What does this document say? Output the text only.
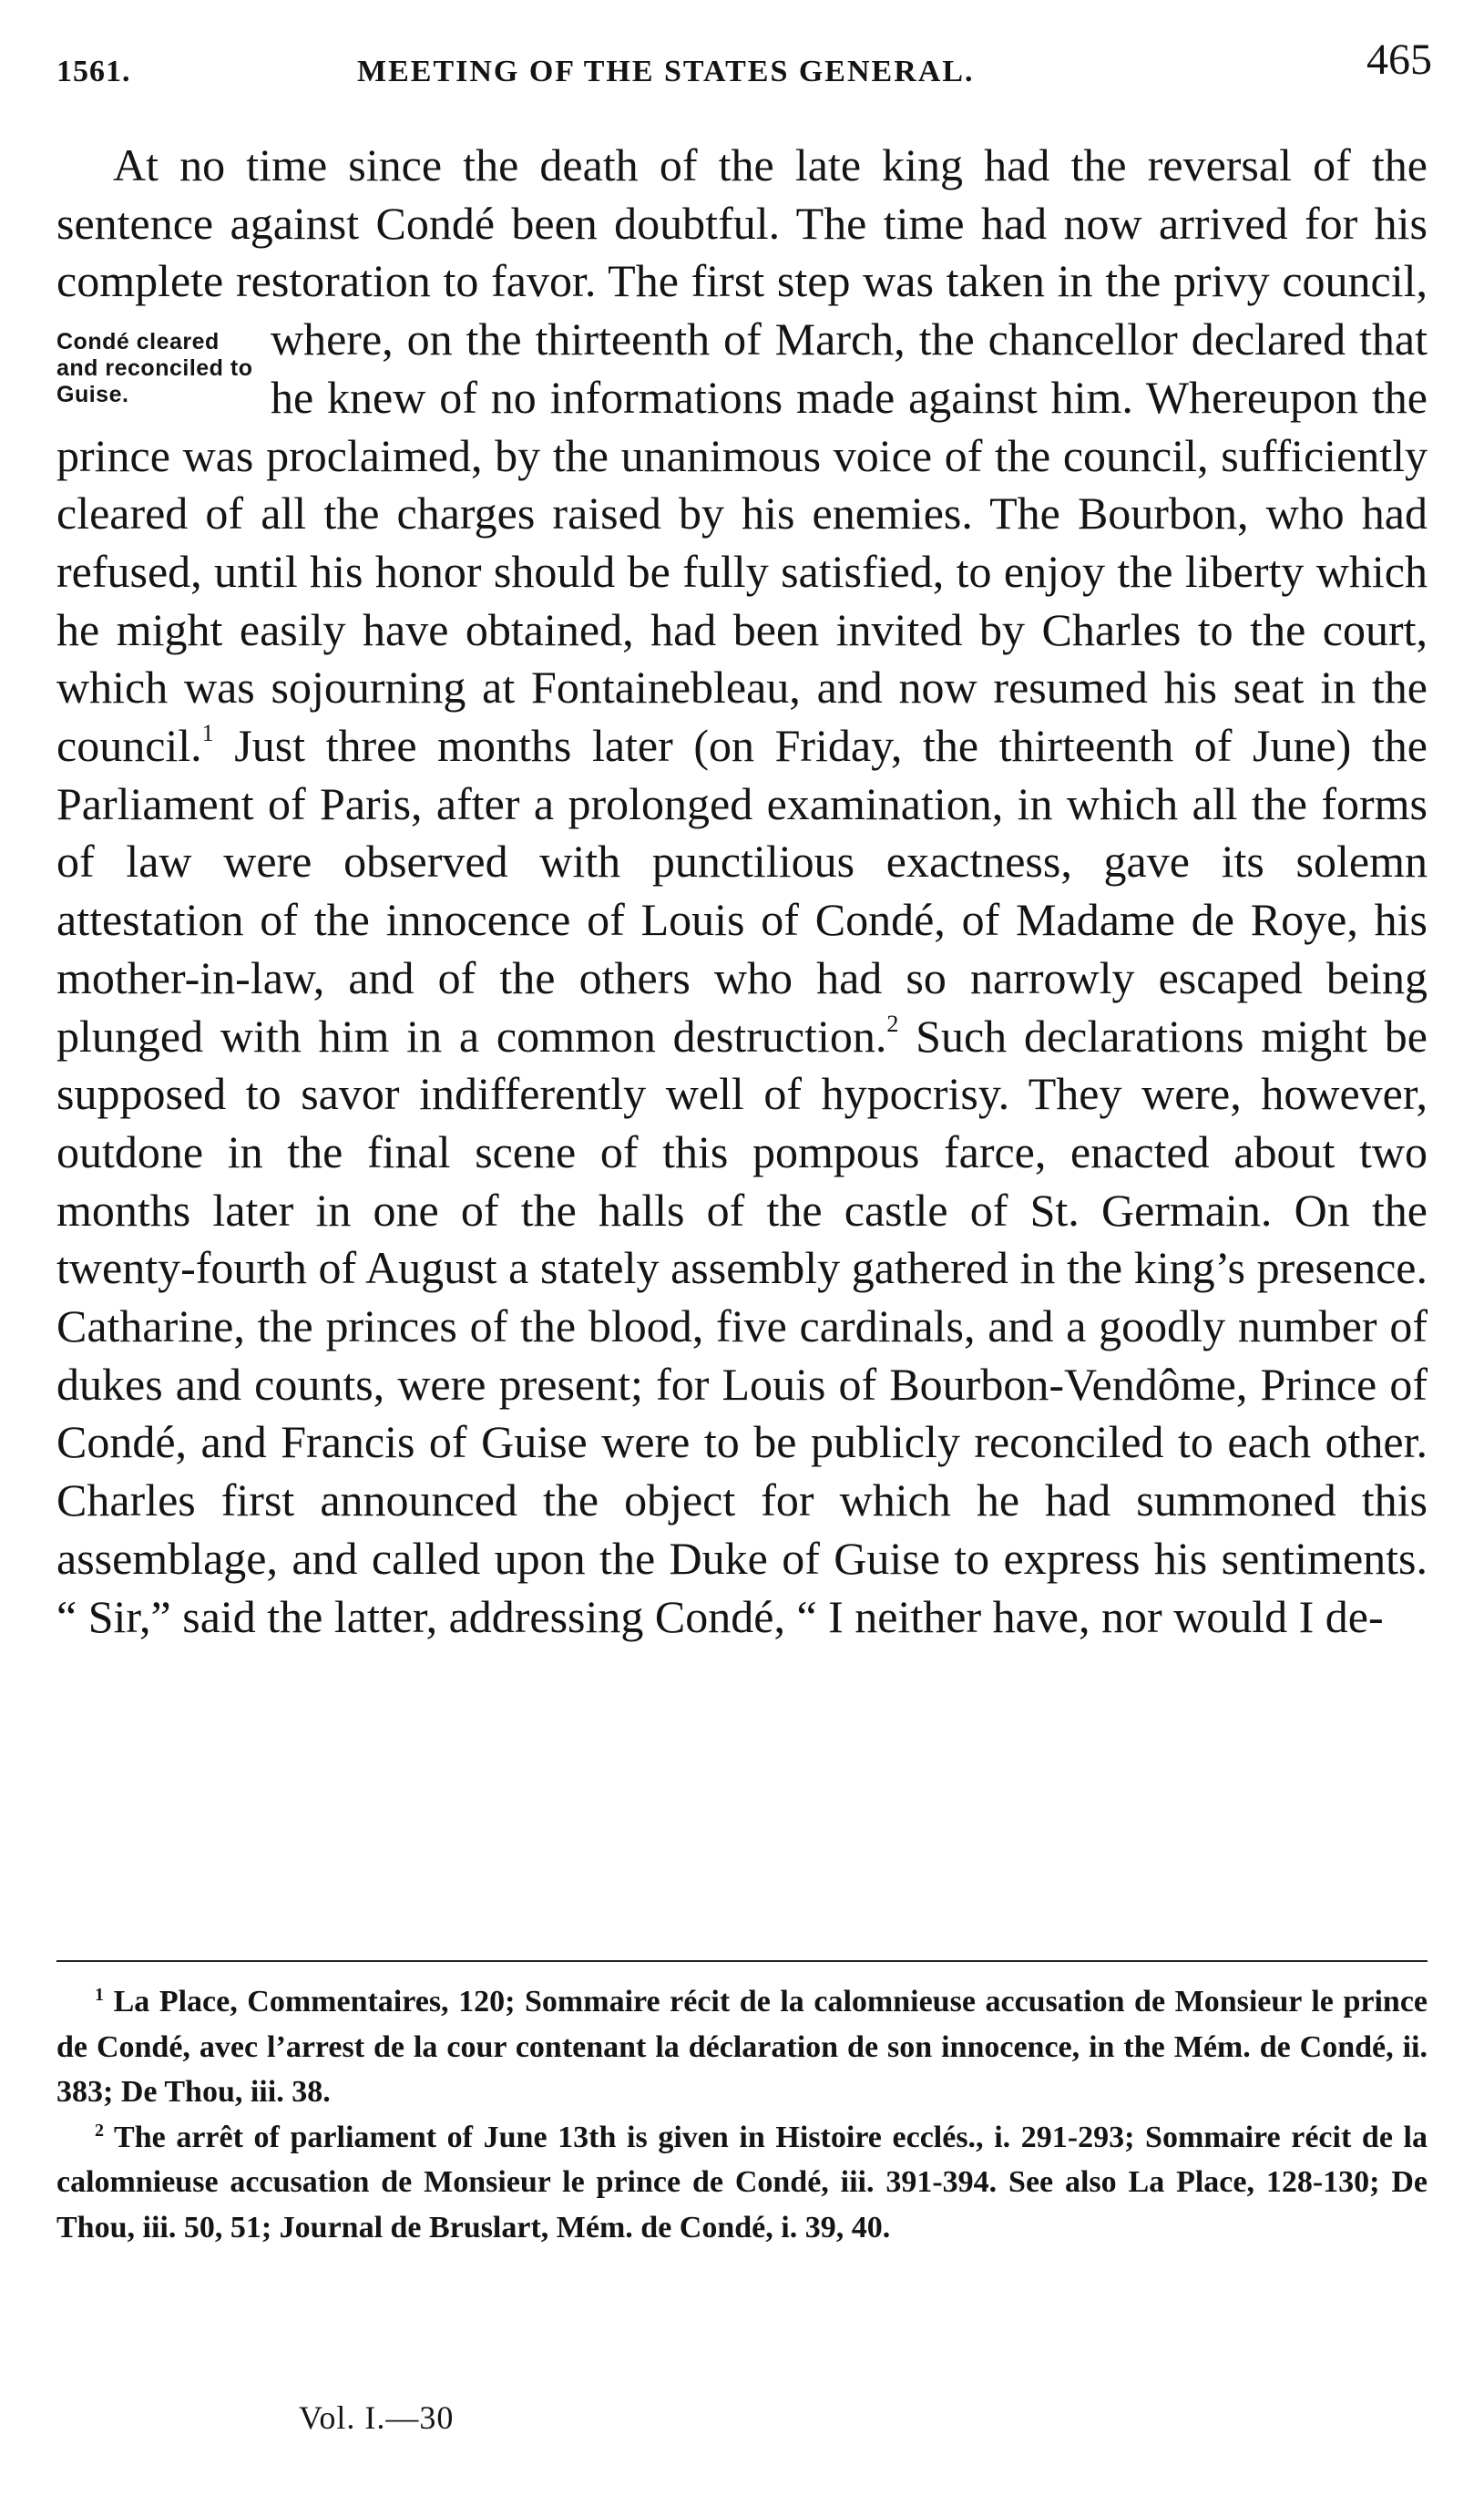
1561.	MEETING OF THE STATES GENERAL.	465

At no time since the death of the late king had the reversal of the sentence against Condé been doubtful. The time had now arrived for his complete restoration to favor. The first step was taken in the privy council, where, on the thirteenth of
Condé cleared and reconciled to Guise.
March, the chancellor declared that he knew of no informations made against him. Whereupon the prince was proclaimed, by the unanimous voice of the council, sufficiently cleared of all the charges raised by his enemies. The Bourbon, who had refused, until his honor should be fully satisfied, to enjoy the liberty which he might easily have obtained, had been invited by Charles to the court, which was sojourning at Fontainebleau, and now resumed his seat in the council.$^1$ Just three months later (on Friday, the thirteenth of June) the Parliament of Paris, after a prolonged examination, in which all the forms of law were observed with punctilious exactness, gave its solemn attestation of the innocence of Louis of Condé, of Madame de Roye, his mother-in-law, and of the others who had so narrowly escaped being plunged with him in a common destruction.$^2$ Such declarations might be supposed to savor indifferently well of hypocrisy. They were, however, outdone in the final scene of this pompous farce, enacted about two months later in one of the halls of the castle of St. Germain. On the twenty-fourth of August a stately assembly gathered in the king’s presence. Catharine, the princes of the blood, five cardinals, and a goodly number of dukes and counts, were present; for Louis of Bourbon-Vendôme, Prince of Condé, and Francis of Guise were to be publicly reconciled to each other. Charles first announced the object for which he had summoned this assemblage, and called upon the Duke of Guise to express his sentiments. “ Sir,” said the latter, addressing Condé, “ I neither have, nor would I de-

$^1$ La Place, Commentaires, 120; Sommaire récit de la calomnieuse accusation de Monsieur le prince de Condé, avec l’arrest de la cour contenant la déclaration de son innocence, in the Mém. de Condé, ii. 383; De Thou, iii. 38.

$^2$ The arrêt of parliament of June 13th is given in Histoire ecclés., i. 291-293; Sommaire récit de la calomnieuse accusation de Monsieur le prince de Condé, iii. 391-394. See also La Place, 128-130; De Thou, iii. 50, 51; Journal de Bruslart, Mém. de Condé, i. 39, 40.

Vol. I.—30
